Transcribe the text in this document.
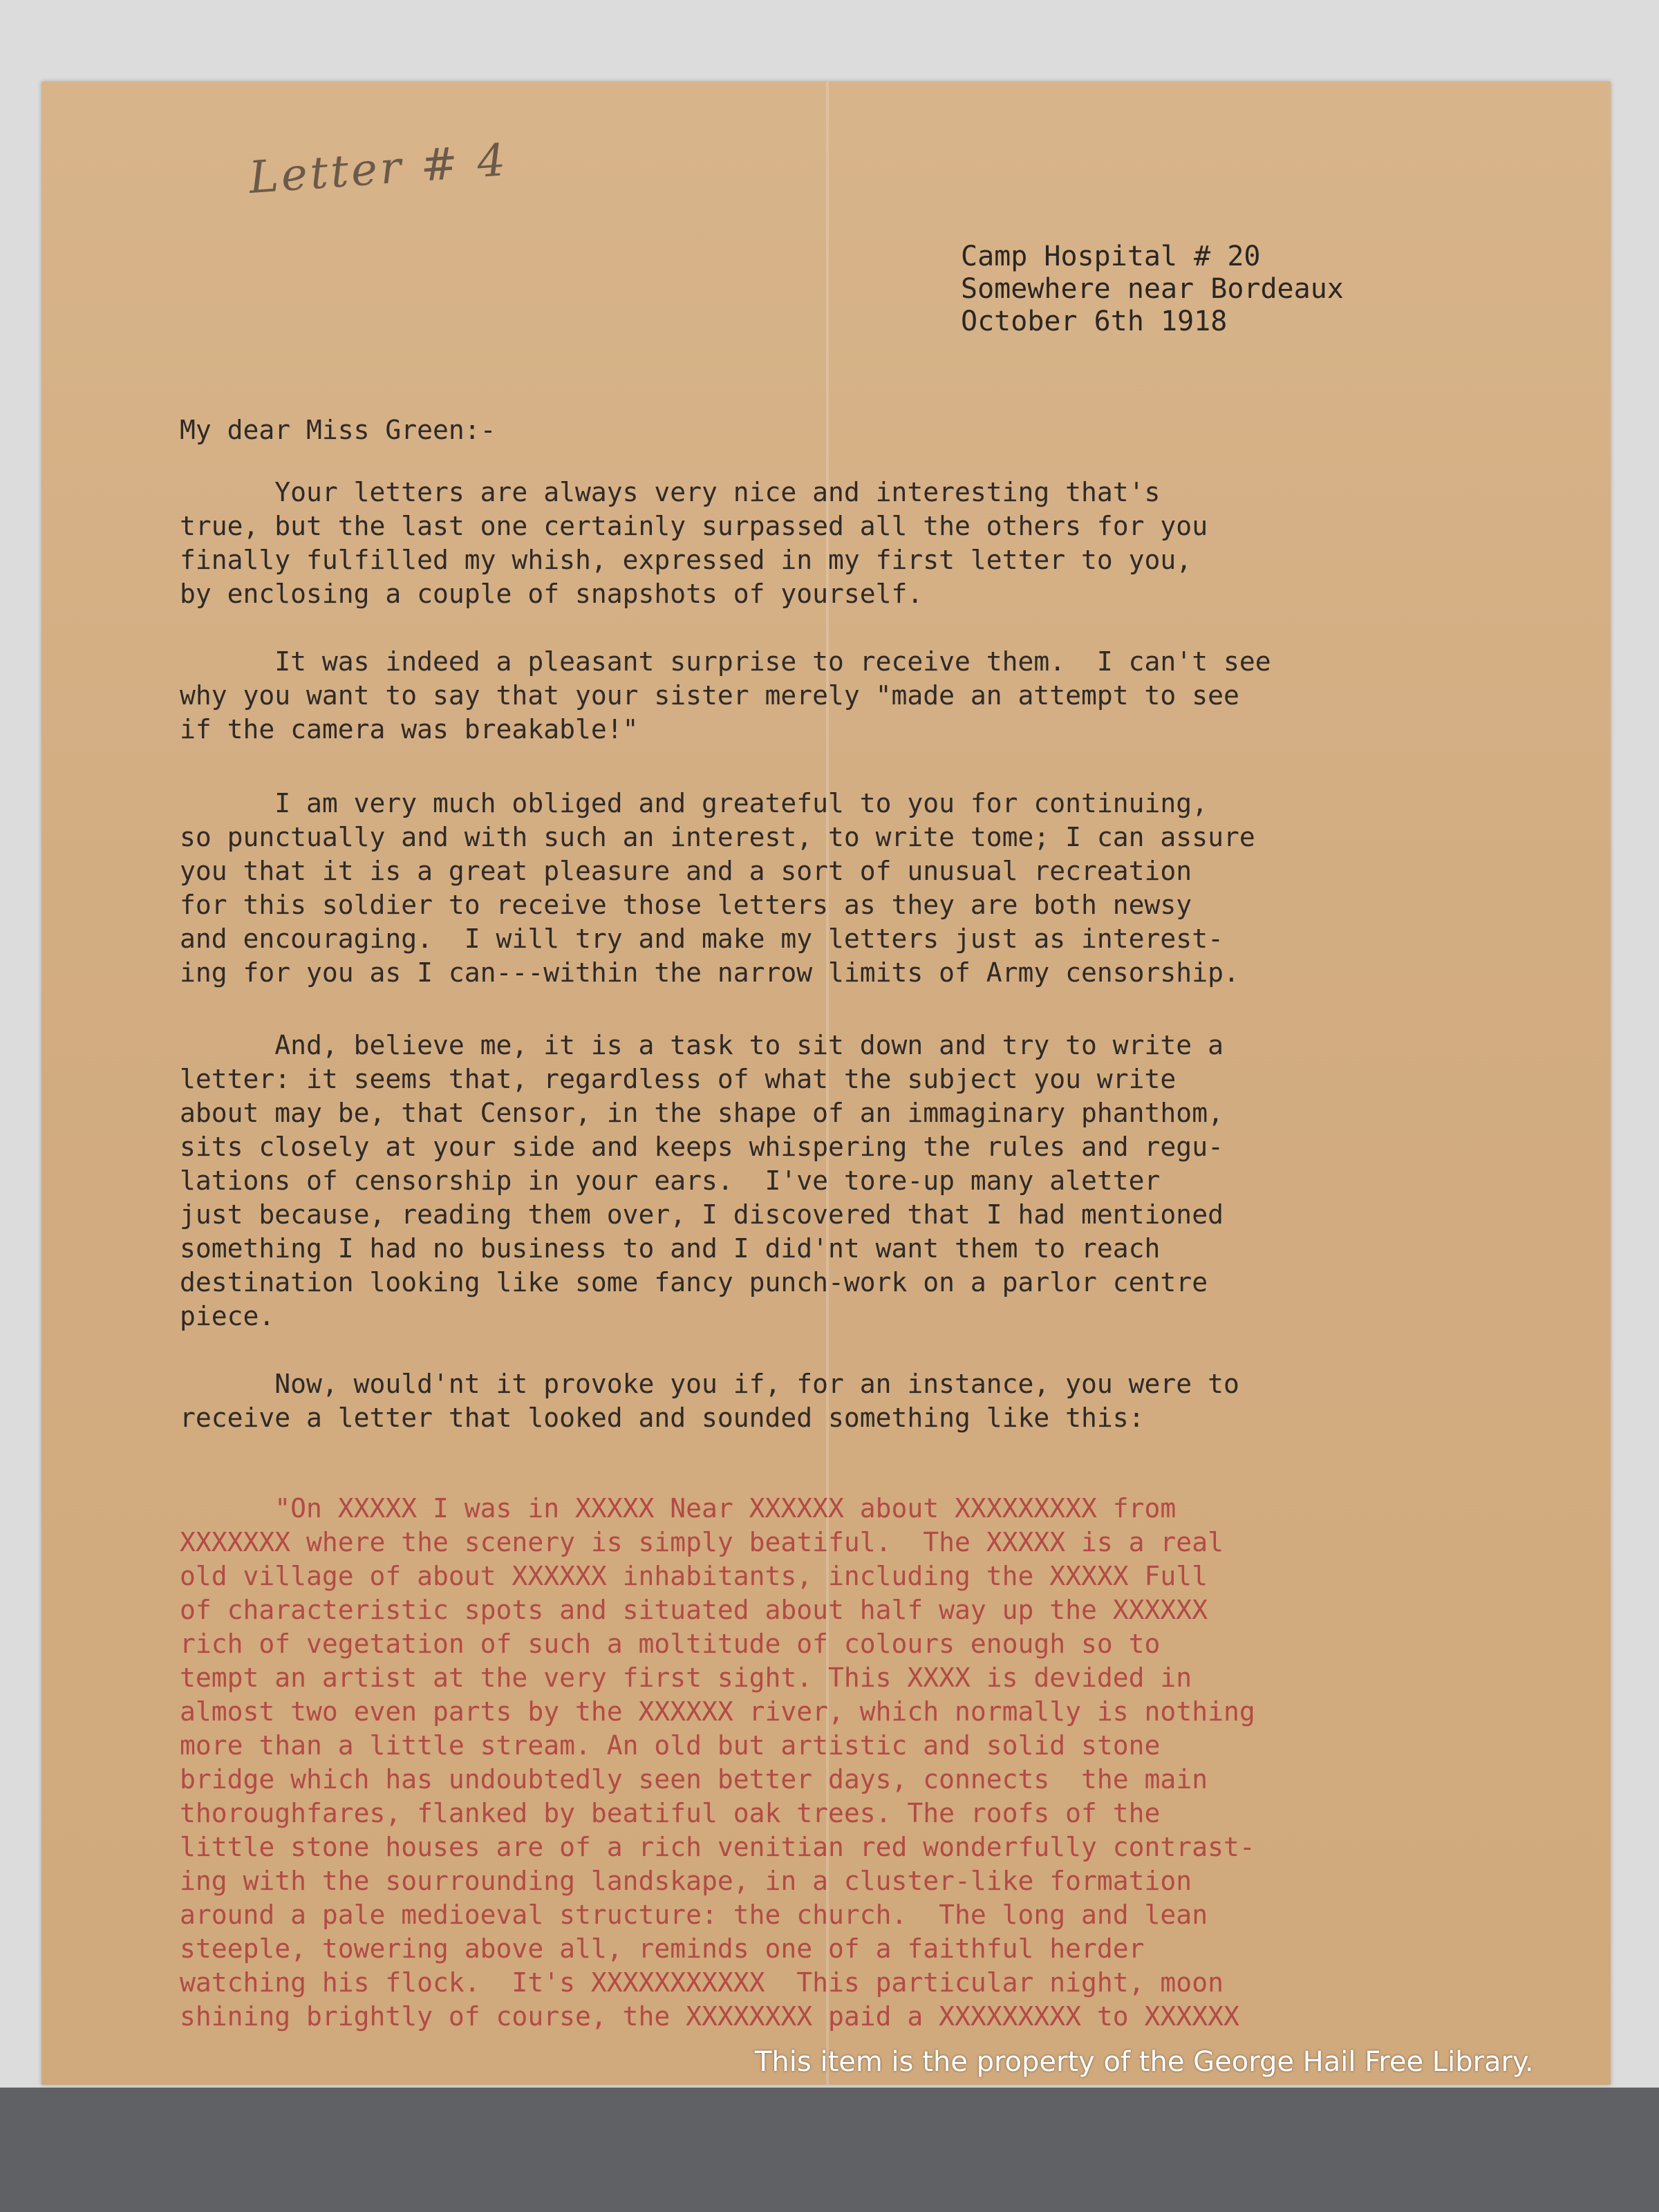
Letter # 4
Camp Hospital # 20
Somewhere near Bordeaux
October 6th 1918
My dear Miss Green:-
Your letters are always very nice and interesting that's
true, but the last one certainly surpassed all the others for you
finally fulfilled my whish, expressed in my first letter to you,
by enclosing a couple of snapshots of yourself.
It was indeed a pleasant surprise to receive them.  I can't see
why you want to say that your sister merely "made an attempt to see
if the camera was breakable!"
I am very much obliged and greateful to you for continuing,
so punctually and with such an interest, to write tome; I can assure
you that it is a great pleasure and a sort of unusual recreation
for this soldier to receive those letters as they are both newsy
and encouraging.  I will try and make my letters just as interest-
ing for you as I can---within the narrow limits of Army censorship.
And, believe me, it is a task to sit down and try to write a
letter: it seems that, regardless of what the subject you write
about may be, that Censor, in the shape of an immaginary phanthom,
sits closely at your side and keeps whispering the rules and regu-
lations of censorship in your ears.  I've tore-up many aletter
just because, reading them over, I discovered that I had mentioned
something I had no business to and I did'nt want them to reach
destination looking like some fancy punch-work on a parlor centre
piece.
Now, would'nt it provoke you if, for an instance, you were to
receive a letter that looked and sounded something like this:
"On XXXXX I was in XXXXX Near XXXXXX about XXXXXXXXX from
XXXXXXX where the scenery is simply beatiful.  The XXXXX is a real
old village of about XXXXXX inhabitants, including the XXXXX Full
of characteristic spots and situated about half way up the XXXXXX
rich of vegetation of such a moltitude of colours enough so to
tempt an artist at the very first sight. This XXXX is devided in
almost two even parts by the XXXXXX river, which normally is nothing
more than a little stream. An old but artistic and solid stone
bridge which has undoubtedly seen better days, connects  the main
thoroughfares, flanked by beatiful oak trees. The roofs of the
little stone houses are of a rich venitian red wonderfully contrast-
ing with the sourrounding landskape, in a cluster-like formation
around a pale medioeval structure: the church.  The long and lean
steeple, towering above all, reminds one of a faithful herder
watching his flock.  It's XXXXXXXXXXX  This particular night, moon
shining brightly of course, the XXXXXXXX paid a XXXXXXXXX to XXXXXX
This item is the property of the George Hail Free Library.
